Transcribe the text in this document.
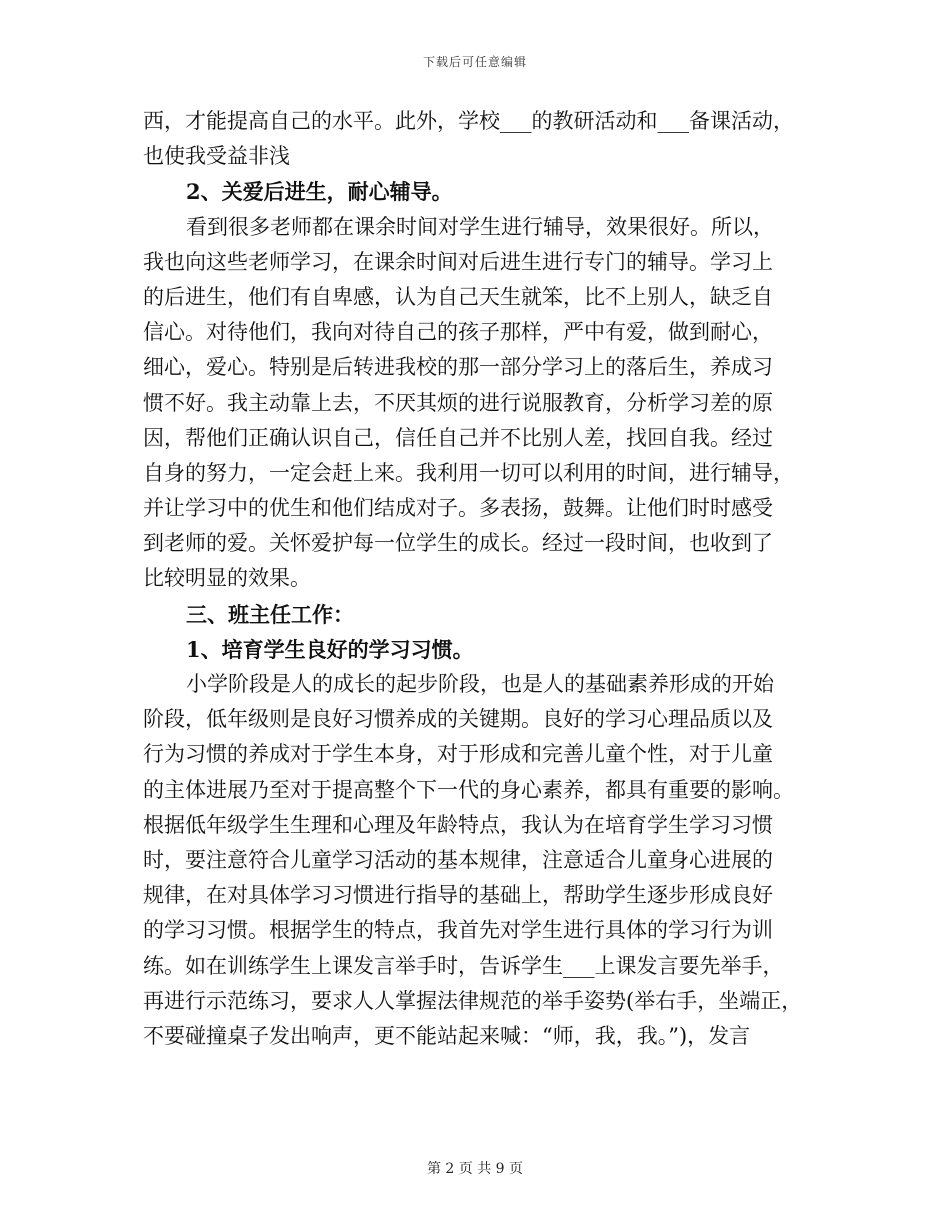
下载后可任意编辑
西，才能提高自己的水平。此外，学校___的教研活动和___备课活动，
也使我受益非浅
2、关爱后进生，耐心辅导。
看到很多老师都在课余时间对学生进行辅导，效果很好。所以，
我也向这些老师学习，在课余时间对后进生进行专门的辅导。学习上
的后进生，他们有自卑感，认为自己天生就笨，比不上别人，缺乏自
信心。对待他们，我向对待自己的孩子那样，严中有爱，做到耐心，
细心，爱心。特别是后转进我校的那一部分学习上的落后生，养成习
惯不好。我主动靠上去，不厌其烦的进行说服教育，分析学习差的原
因，帮他们正确认识自己，信任自己并不比别人差，找回自我。经过
自身的努力，一定会赶上来。我利用一切可以利用的时间，进行辅导，
并让学习中的优生和他们结成对子。多表扬，鼓舞。让他们时时感受
到老师的爱。关怀爱护每一位学生的成长。经过一段时间，也收到了
比较明显的效果。
三、班主任工作：
1、培育学生良好的学习习惯。
小学阶段是人的成长的起步阶段，也是人的基础素养形成的开始
阶段，低年级则是良好习惯养成的关键期。良好的学习心理品质以及
行为习惯的养成对于学生本身，对于形成和完善儿童个性，对于儿童
的主体进展乃至对于提高整个下一代的身心素养，都具有重要的影响。
根据低年级学生生理和心理及年龄特点，我认为在培育学生学习习惯
时，要注意符合儿童学习活动的基本规律，注意适合儿童身心进展的
规律，在对具体学习习惯进行指导的基础上，帮助学生逐步形成良好
的学习习惯。根据学生的特点，我首先对学生进行具体的学习行为训
练。如在训练学生上课发言举手时，告诉学生___上课发言要先举手，
再进行示范练习，要求人人掌握法律规范的举手姿势(举右手，坐端正，
不要碰撞桌子发出响声，更不能站起来喊：“师，我，我。”)，发言
第 2 页 共 9 页
